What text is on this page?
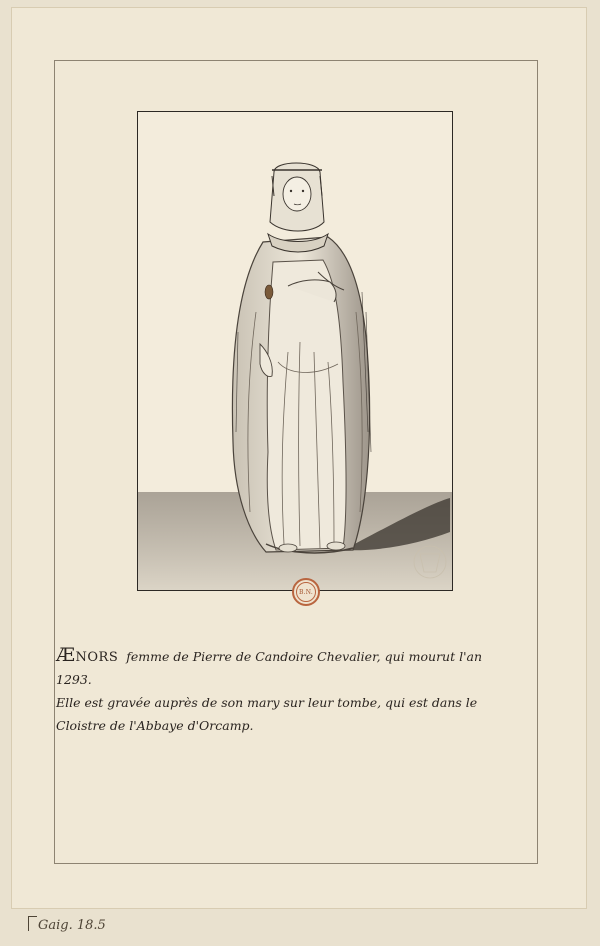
B.N.
Ænors femme de Pierre de Candoire Chevalier, qui mourut l'an
1293.
Elle est gravée auprès de son mary sur leur tombe, qui est dans le
Cloistre de l'Abbaye d'Orcamp.
Gaig. 18.5
